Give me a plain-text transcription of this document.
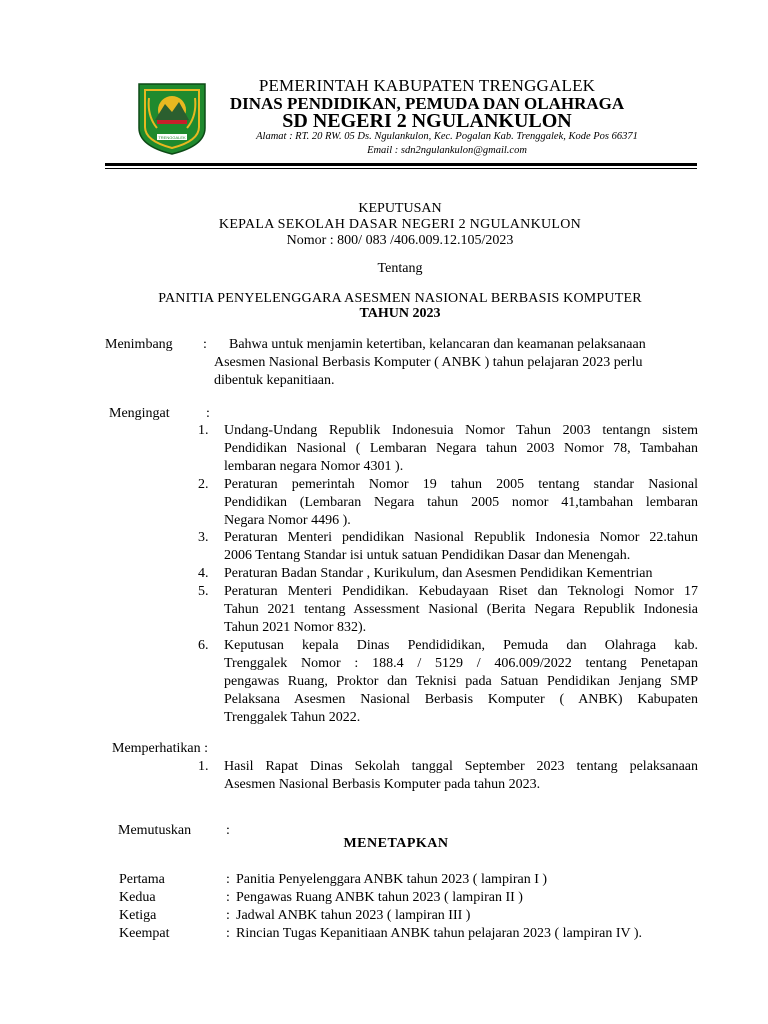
TRENGGALEK
PEMERINTAH KABUPATEN TRENGGALEK
DINAS PENDIDIKAN, PEMUDA DAN OLAHRAGA
SD NEGERI 2 NGULANKULON
Alamat : RT. 20 RW. 05 Ds. Ngulankulon, Kec. Pogalan Kab. Trenggalek, Kode Pos 66371
Email : sdn2ngulankulon@gmail.com
KEPUTUSAN
KEPALA SEKOLAH DASAR NEGERI 2 NGULANKULON
Nomor : 800/ 083 /406.009.12.105/2023
Tentang
PANITIA PENYELENGGARA ASESMEN NASIONAL BERBASIS KOMPUTER
TAHUN 2023
Menimbang : Bahwa untuk menjamin ketertiban, kelancaran dan keamanan pelaksanaan
Asesmen Nasional Berbasis Komputer ( ANBK ) tahun pelajaran 2023 perlu
dibentuk kepanitiaan.
Mengingat	:
1. Undang-Undang Republik Indonesuia Nomor Tahun 2003 tentangn sistem
Pendidikan Nasional ( Lembaran Negara tahun 2003 Nomor 78, Tambahan
lembaran negara Nomor 4301 ).
2. Peraturan pemerintah Nomor 19 tahun 2005 tentang standar Nasional
Pendidikan (Lembaran Negara tahun 2005 nomor 41,tambahan lembaran
Negara Nomor 4496 ).
3. Peraturan Menteri pendidikan Nasional Republik Indonesia Nomor 22.tahun
2006 Tentang Standar isi untuk satuan Pendidikan Dasar dan Menengah.
4. Peraturan Badan Standar , Kurikulum, dan Asesmen Pendidikan Kementrian
5. Peraturan Menteri Pendidikan. Kebudayaan Riset dan Teknologi Nomor 17
Tahun 2021 tentang Assessment Nasional (Berita Negara Republik Indonesia
Tahun 2021 Nomor 832).
6. Keputusan kepala Dinas Pendididikan, Pemuda dan Olahraga kab.
Trenggalek Nomor : 188.4 / 5129 / 406.009/2022 tentang Penetapan
pengawas Ruang, Proktor dan Teknisi pada Satuan Pendidikan Jenjang SMP
Pelaksana Asesmen Nasional Berbasis Komputer ( ANBK) Kabupaten
Trenggalek Tahun 2022.
Memperhatikan :
1. Hasil Rapat Dinas Sekolah tanggal September 2023 tentang pelaksanaan
Asesmen Nasional Berbasis Komputer pada tahun 2023.
Memutuskan :
MENETAPKAN
Pertama	: Panitia Penyelenggara ANBK tahun 2023 ( lampiran I )
Kedua	: Pengawas Ruang ANBK tahun 2023 ( lampiran II )
Ketiga	: Jadwal ANBK tahun 2023 ( lampiran III )
Keempat	: Rincian Tugas Kepanitiaan ANBK tahun pelajaran 2023 ( lampiran IV ).
